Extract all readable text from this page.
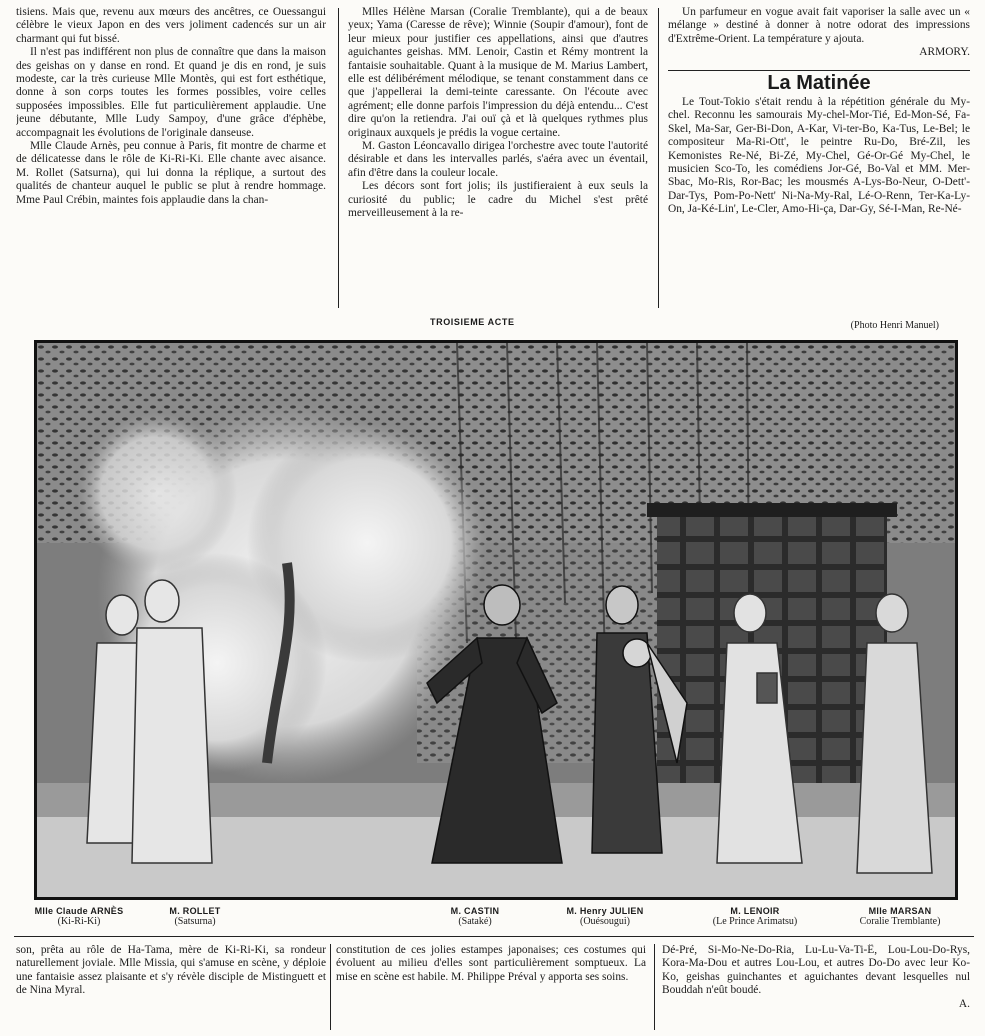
tisiens. Mais que, revenu aux mœurs des ancêtres, ce Ouessangui célèbre le vieux Japon en des vers joliment cadencés sur un air charmant qui fut bissé.

Il n'est pas indifférent non plus de connaître que dans la maison des geishas on y danse en rond. Et quand je dis en rond, je suis modeste, car la très curieuse Mlle Montès, qui est fort esthétique, donne à son corps toutes les formes possibles, voire celles supposées impossibles. Elle fut particulièrement applaudie. Une jeune débutante, Mlle Ludy Sampoy, d'une grâce d'éphèbe, accompagnait les évolutions de l'originale danseuse.

Mlle Claude Arnès, peu connue à Paris, fit montre de charme et de délicatesse dans le rôle de Ki-Ri-Ki. Elle chante avec aisance. M. Rollet (Satsurna), qui lui donna la réplique, a surtout des qualités de chanteur auquel le public se plut à rendre hommage. Mme Paul Crébin, maintes fois applaudie dans la chan-

Mlles Hélène Marsan (Coralie Tremblante), qui a de beaux yeux; Yama (Caresse de rêve); Winnie (Soupir d'amour), font de leur mieux pour justifier ces appellations, ainsi que d'autres aguichantes geishas. MM. Lenoir, Castin et Rémy montrent la fantaisie souhaitable. Quant à la musique de M. Marius Lambert, elle est délibérément mélodique, se tenant constamment dans ce que j'appellerai la demi-teinte caressante. On l'écoute avec agrément; elle donne parfois l'impression du déjà entendu... C'est dire qu'on la retiendra. J'ai ouï çà et là quelques rythmes plus originaux auxquels je prédis la vogue certaine.

M. Gaston Léoncavallo dirigea l'orchestre avec toute l'autorité désirable et dans les intervalles parlés, s'aéra avec un éventail, afin d'être dans la couleur locale.

Les décors sont fort jolis; ils justifieraient à eux seuls la curiosité du public; le cadre du Michel s'est prêté merveilleusement à la re-

Un parfumeur en vogue avait fait vaporiser la salle avec un « mélange » destiné à donner à notre odorat des impressions d'Extrême-Orient. La température y ajouta.

ARMORY.

La Matinée

Le Tout-Tokio s'était rendu à la répétition générale du My-chel. Reconnu les samourais My-chel-Mor-Tié, Ed-Mon-Sé, Fa-Skel, Ma-Sar, Ger-Bi-Don, A-Kar, Vi-ter-Bo, Ka-Tus, Le-Bel; le compositeur Ma-Ri-Ott', le peintre Ru-Do, Bré-Zil, les Kemonistes Re-Né, Bi-Zé, My-Chel, Gé-Or-Gé My-Chel, le musicien Sco-To, les comédiens Jor-Gé, Bo-Val et MM. Mer-Sbac, Mo-Ris, Ror-Bac; les mousmés A-Lys-Bo-Neur, O-Dett'-Dar-Tys, Pom-Po-Nett' Ni-Na-My-Ral, Lé-O-Renn, Ter-Ka-Ly-On, Ja-Ké-Lin', Le-Cler, Amo-Hi-ça, Dar-Gy, Sé-I-Man, Re-Né-

TROISIEME ACTE	(Photo Henri Manuel)
Mlle Claude ARNÈS
(Ki-Ri-Ki)
M. ROLLET
(Satsurna)
M. CASTIN
(Sataké)
M. Henry JULIEN
(Ouésougui)
M. LENOIR
(Le Prince Arimatsu)
Mlle MARSAN
Coralie Tremblante)

son, prêta au rôle de Ha-Tama, mère de Ki-Ri-Ki, sa rondeur naturellement joviale. Mlle Missia, qui s'amuse en scène, y déploie une fantaisie assez plaisante et s'y révèle disciple de Mistinguett et de Nina Myral.

constitution de ces jolies estampes japonaises; ces costumes qui évoluent au milieu d'elles sont particulièrement somptueux. La mise en scène est habile. M. Philippe Préval y apporta ses soins.

Dé-Pré, Si-Mo-Ne-Do-Ria, Lu-Lu-Va-Ti-Ê, Lou-Lou-Do-Rys, Kora-Ma-Dou et autres Lou-Lou, et autres Do-Do avec leur Ko-Ko, geishas guinchantes et aguichantes devant lesquelles nul Bouddah n'eût boudé.

A.
